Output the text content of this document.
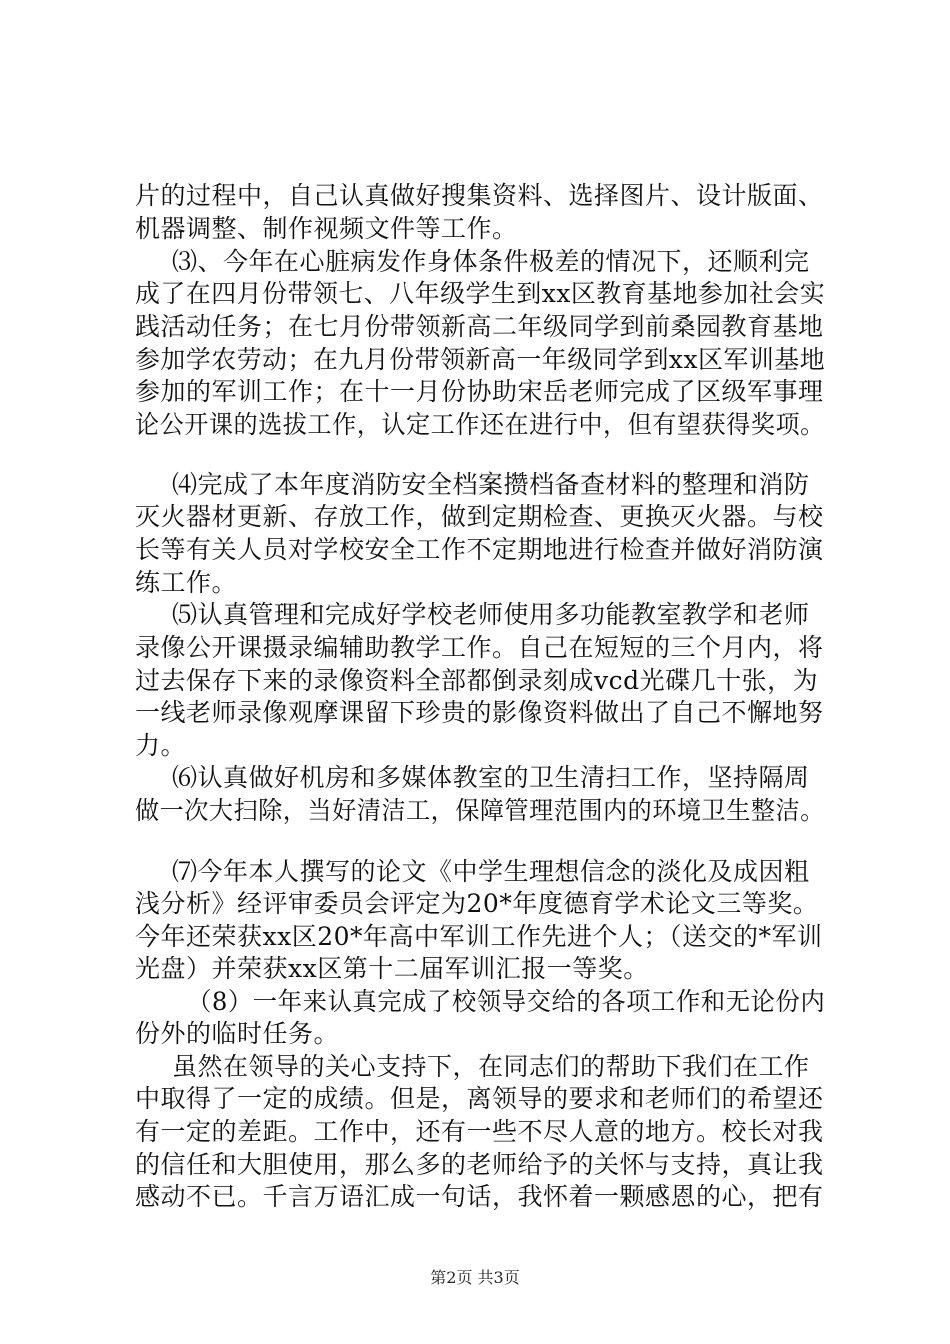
片的过程中，自己认真做好搜集资料、选择图片、设计版面、
机器调整、制作视频文件等工作。
⑶、今年在心脏病发作身体条件极差的情况下，还顺利完
成了在四月份带领七、八年级学生到xx区教育基地参加社会实
践活动任务；在七月份带领新高二年级同学到前桑园教育基地
参加学农劳动；在九月份带领新高一年级同学到xx区军训基地
参加的军训工作；在十一月份协助宋岳老师完成了区级军事理
论公开课的选拔工作，认定工作还在进行中，但有望获得奖项。
⑷完成了本年度消防安全档案攒档备查材料的整理和消防
灭火器材更新、存放工作，做到定期检查、更换灭火器。与校
长等有关人员对学校安全工作不定期地进行检查并做好消防演
练工作。
⑸认真管理和完成好学校老师使用多功能教室教学和老师
录像公开课摄录编辅助教学工作。自己在短短的三个月内，将
过去保存下来的录像资料全部都倒录刻成vcd光碟几十张，为
一线老师录像观摩课留下珍贵的影像资料做出了自己不懈地努
力。
⑹认真做好机房和多媒体教室的卫生清扫工作，坚持隔周
做一次大扫除，当好清洁工，保障管理范围内的环境卫生整洁。
⑺今年本人撰写的论文《中学生理想信念的淡化及成因粗
浅分析》经评审委员会评定为20*年度德育学术论文三等奖。
今年还荣获xx区20*年高中军训工作先进个人；（送交的*军训
光盘）并荣获xx区第十二届军训汇报一等奖。
（8）一年来认真完成了校领导交给的各项工作和无论份内
份外的临时任务。
虽然在领导的关心支持下，在同志们的帮助下我们在工作
中取得了一定的成绩。但是，离领导的要求和老师们的希望还
有一定的差距。工作中，还有一些不尽人意的地方。校长对我
的信任和大胆使用，那么多的老师给予的关怀与支持，真让我
感动不已。千言万语汇成一句话，我怀着一颗感恩的心，把有
第2页 共3页
